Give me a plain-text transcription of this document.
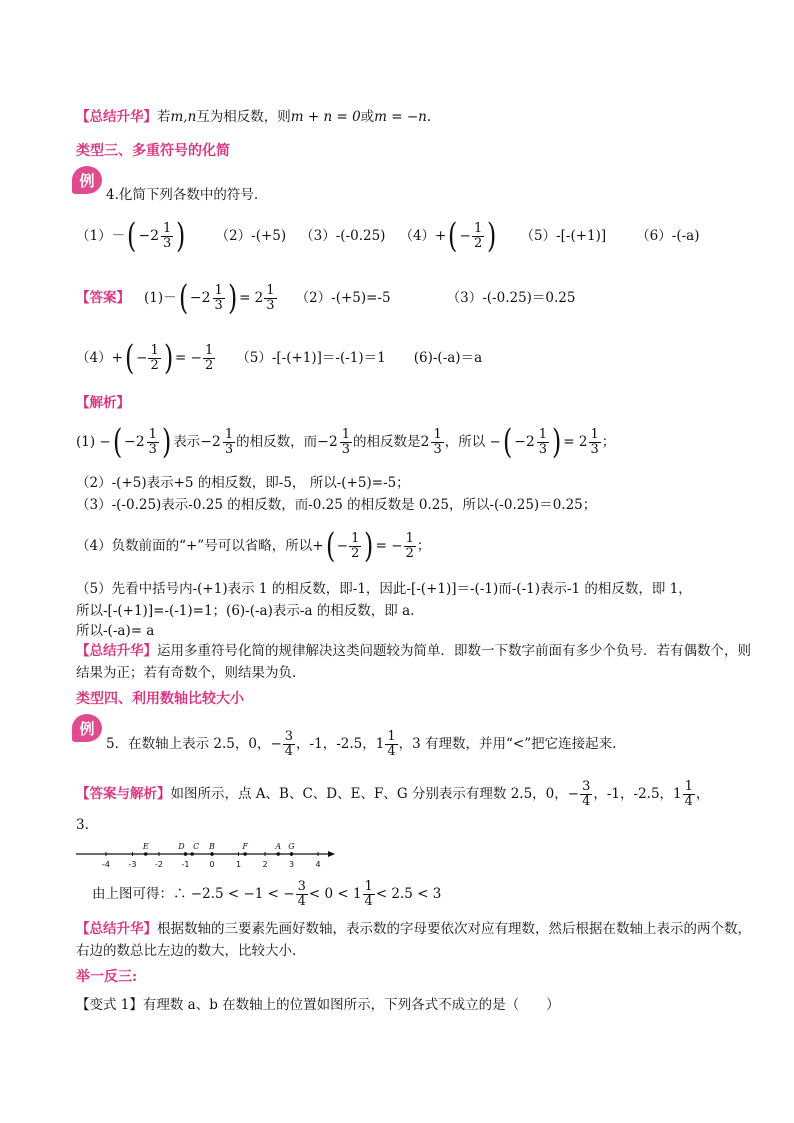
【总结升华】若m,n互为相反数，则m + n = 0或m = −n.
类型三、多重符号的化简
例
4.化简下列各数中的符号.
（1）－ ( $-2 \frac{1}{3}$ ) （2）-(+5) （3）-(-0.25) （4）+ ( − $\frac{1}{2}$ ) （5）-[-(+1)] （6）-(-a)
【答案】 (1)－ ( $-2 \frac{1}{3}$ ) = $2 \frac{1}{3} (2)-(+5)=-5$	（3）-(-0.25)＝0.25
（4）+ ( − $\frac{1}{2}$ ) = − $\frac{1}{2} (5)-[-(+1)]=-(-1)=1$ (6)-(-a)＝a
【解析】
(1) − ( $-2 \frac{1}{3}$ ) 表示 $-2 \frac{1}{3}$ 的相反数，而 $-2 \frac{1}{3}$ 的相反数是 $2 \frac{1}{3}$ ，所以 − ( $-2 \frac{1}{3}$ ) = $2 \frac{1}{3}$ ；
（2）-(+5)表示+5 的相反数，即-5， 所以-(+5)=-5；
（3）-(-0.25)表示-0.25 的相反数，而-0.25 的相反数是 0.25，所以-(-0.25)＝0.25；
（4）负数前面的“+”号可以省略，所以+ ( − $\frac{1}{2}$ ) = − $\frac{1}{2}$ ；
（5）先看中括号内-(+1)表示 1 的相反数，即-1，因此-[-(+1)]＝-(-1)而-(-1)表示-1 的相反数，即 1，
所以-[-(+1)]=-(-1)=1；(6)-(-a)表示-a 的相反数，即 a.
所以-(-a)= a
【总结升华】运用多重符号化简的规律解决这类问题较为简单．即数一下数字前面有多少个负号．若有偶数个，则结果为正；若有奇数个，则结果为负.
类型四、利用数轴比较大小
例
5．在数轴上表示 2.5，0，− $\frac{3}{4}$ ，-1，-2.5，$1 \frac{1}{4}$ ，3 有理数，并用“<”把它连接起来.
【答案与解析】 如图所示，点 A、B、C、D、E、F、G 分别表示有理数 2.5，0，− $\frac{3}{4}$ ，-1，-2.5，$1 \frac{1}{4}$ ，
3.
-4 -3 -2 -1 0	1	2	3	4
E	D C B	F	A G
由上图可得：∴ −2.5 < −1 < − $\frac{3}{4} < 0 < 1 \frac{1}{4} < 2.5 < 3$
【总结升华】根据数轴的三要素先画好数轴，表示数的字母要依次对应有理数，然后根据在数轴上表示的两个数，右边的数总比左边的数大，比较大小.
举一反三:
【变式 1】有理数 a、b 在数轴上的位置如图所示，下列各式不成立的是（　　）
